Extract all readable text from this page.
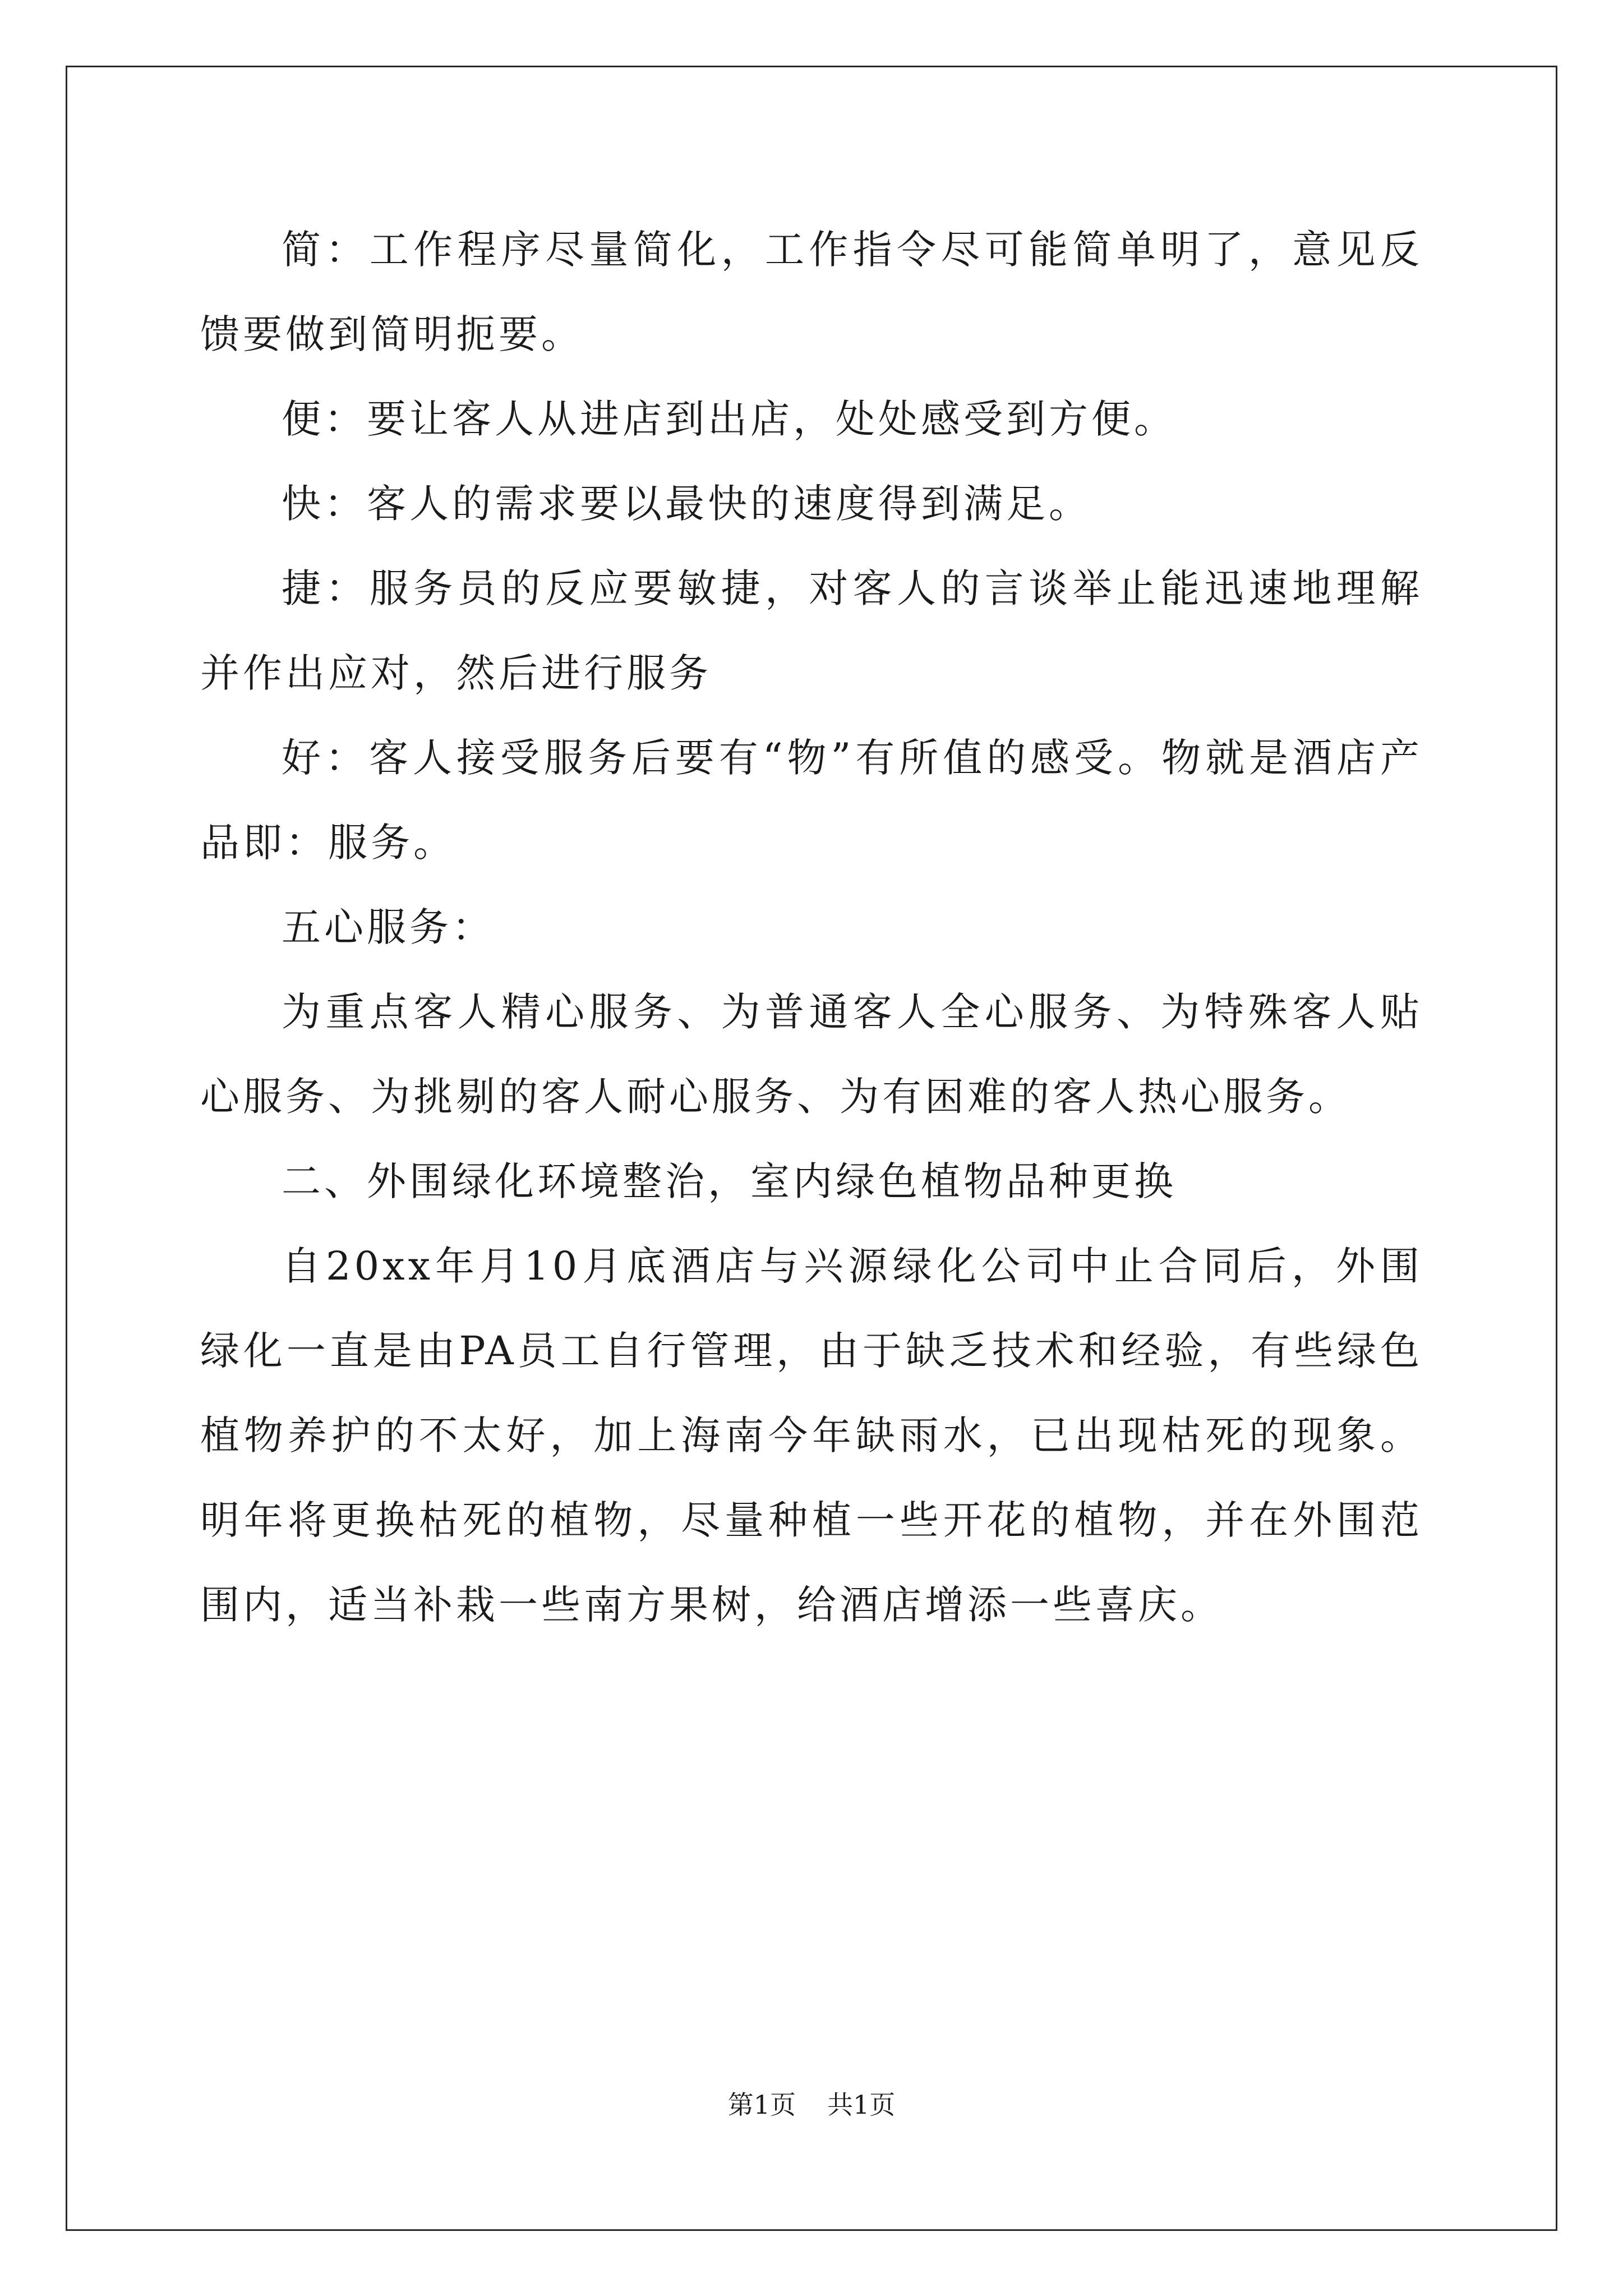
简：工作程序尽量简化，工作指令尽可能简单明了，意见反馈要做到简明扼要。

便：要让客人从进店到出店，处处感受到方便。

快：客人的需求要以最快的速度得到满足。

捷：服务员的反应要敏捷，对客人的言谈举止能迅速地理解并作出应对，然后进行服务

好：客人接受服务后要有“物”有所值的感受。物就是酒店产品即：服务。

五心服务：

为重点客人精心服务、为普通客人全心服务、为特殊客人贴心服务、为挑剔的客人耐心服务、为有困难的客人热心服务。

二、外围绿化环境整治，室内绿色植物品种更换

自20xx年月10月底酒店与兴源绿化公司中止合同后，外围绿化一直是由PA员工自行管理，由于缺乏技术和经验，有些绿色植物养护的不太好，加上海南今年缺雨水，已出现枯死的现象。明年将更换枯死的植物，尽量种植一些开花的植物，并在外围范围内，适当补栽一些南方果树，给酒店增添一些喜庆。

第1页 共1页
